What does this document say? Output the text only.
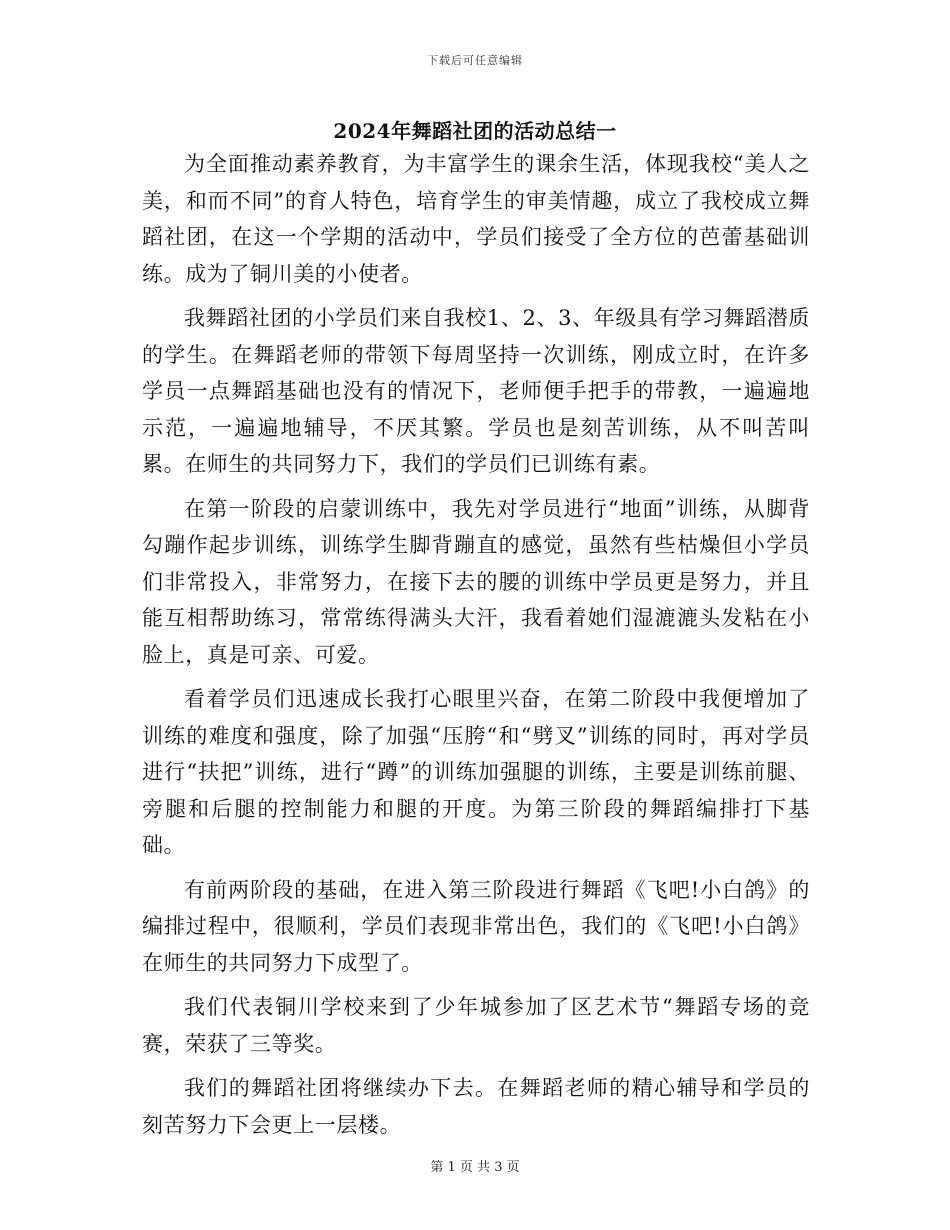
下载后可任意编辑
2024年舞蹈社团的活动总结一

为全面推动素养教育，为丰富学生的课余生活，体现我校“美人之美，和而不同”的育人特色，培育学生的审美情趣，成立了我校成立舞蹈社团，在这一个学期的活动中，学员们接受了全方位的芭蕾基础训练。成为了铜川美的小使者。

我舞蹈社团的小学员们来自我校1、2、3、年级具有学习舞蹈潜质的学生。在舞蹈老师的带领下每周坚持一次训练，刚成立时，在许多学员一点舞蹈基础也没有的情况下，老师便手把手的带教，一遍遍地示范，一遍遍地辅导，不厌其繁。学员也是刻苦训练，从不叫苦叫累。在师生的共同努力下，我们的学员们已训练有素。

在第一阶段的启蒙训练中，我先对学员进行“地面”训练，从脚背勾蹦作起步训练，训练学生脚背蹦直的感觉，虽然有些枯燥但小学员们非常投入，非常努力，在接下去的腰的训练中学员更是努力，并且能互相帮助练习，常常练得满头大汗，我看着她们湿漉漉头发粘在小脸上，真是可亲、可爱。

看着学员们迅速成长我打心眼里兴奋，在第二阶段中我便增加了训练的难度和强度，除了加强“压胯“和“劈叉”训练的同时，再对学员进行“扶把”训练，进行“蹲”的训练加强腿的训练，主要是训练前腿、旁腿和后腿的控制能力和腿的开度。为第三阶段的舞蹈编排打下基础。

有前两阶段的基础，在进入第三阶段进行舞蹈《飞吧!小白鸽》的编排过程中，很顺利，学员们表现非常出色，我们的《飞吧!小白鸽》在师生的共同努力下成型了。

我们代表铜川学校来到了少年城参加了区艺术节“舞蹈专场的竞赛，荣获了三等奖。

我们的舞蹈社团将继续办下去。在舞蹈老师的精心辅导和学员的刻苦努力下会更上一层楼。

第 1 页 共 3 页
